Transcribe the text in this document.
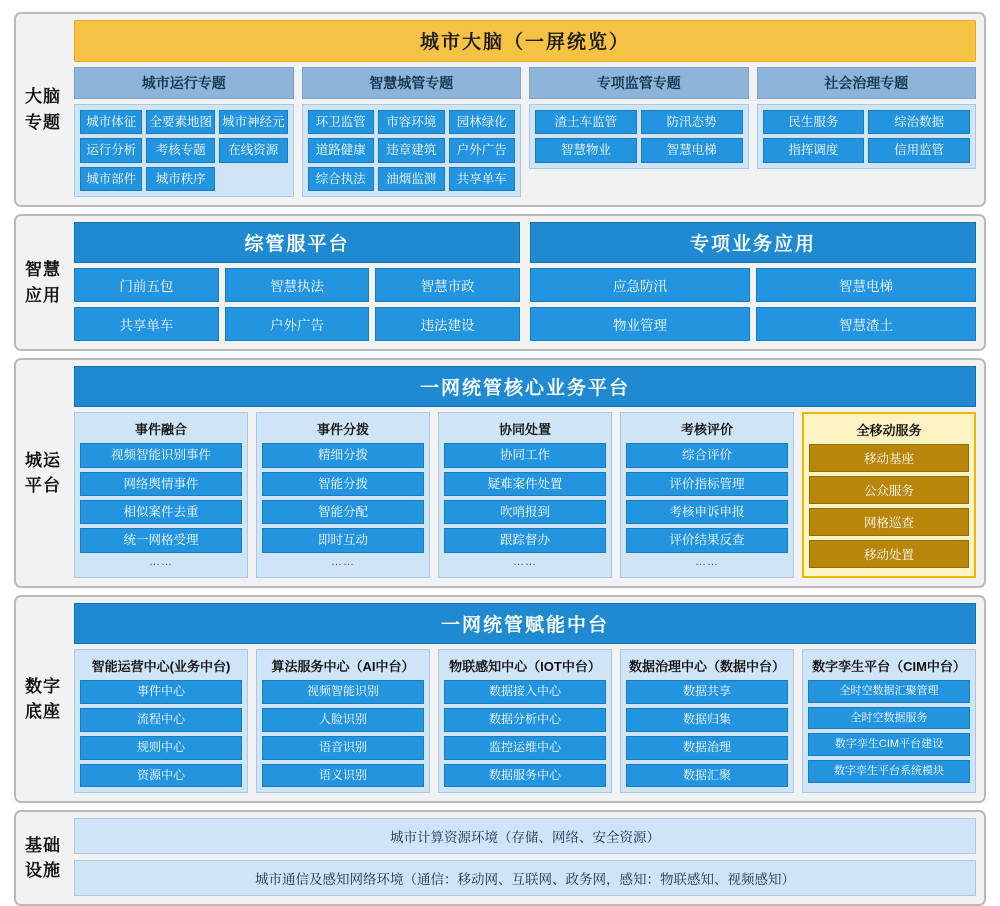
大脑
专题
城市大脑（一屏统览）
城市运行专题
城市体征	全要素地图 城市神经元
运行分析	考核专题	在线资源
城市部件	城市秩序
智慧城管专题
环卫监管	市容环境	园林绿化
道路健康	违章建筑	户外广告
综合执法	油烟监测	共享单车
专项监管专题
渣土车监管	防汛态势
智慧物业	智慧电梯
社会治理专题
民生服务	综治数据
指挥调度	信用监管
智慧
应用
综管服平台
门前五包	智慧执法	智慧市政
共享单车	户外广告	违法建设
专项业务应用
应急防汛	智慧电梯
物业管理	智慧渣土
城运
平台
一网统管核心业务平台
事件融合
视频智能识别事件
网络舆情事件
相似案件去重
统一网格受理
……
事件分拨
精细分拨
智能分拨
智能分配
即时互动
……
协同处置
协同工作
疑难案件处置
吹哨报到
跟踪督办
……
考核评价
综合评价
评价指标管理
考核申诉申报
评价结果反查
……
全移动服务
移动基座
公众服务
网格巡查
移动处置
数字
底座
一网统管赋能中台
智能运营中心(业务中台)
事件中心
流程中心
规则中心
资源中心
算法服务中心（AI中台）
视频智能识别
人脸识别
语音识别
语义识别
物联感知中心（IOT中台）
数据接入中心
数据分析中心
监控运维中心
数据服务中心
数据治理中心（数据中台）
数据共享
数据归集
数据治理
数据汇聚
数字孪生平台（CIM中台）
全时空数据汇聚管理
全时空数据服务
数字孪生CIM平台建设
数字孪生平台系统模块
基础
设施
城市计算资源环境（存储、网络、安全资源）
城市通信及感知网络环境（通信：移动网、互联网、政务网，感知：物联感知、视频感知）
